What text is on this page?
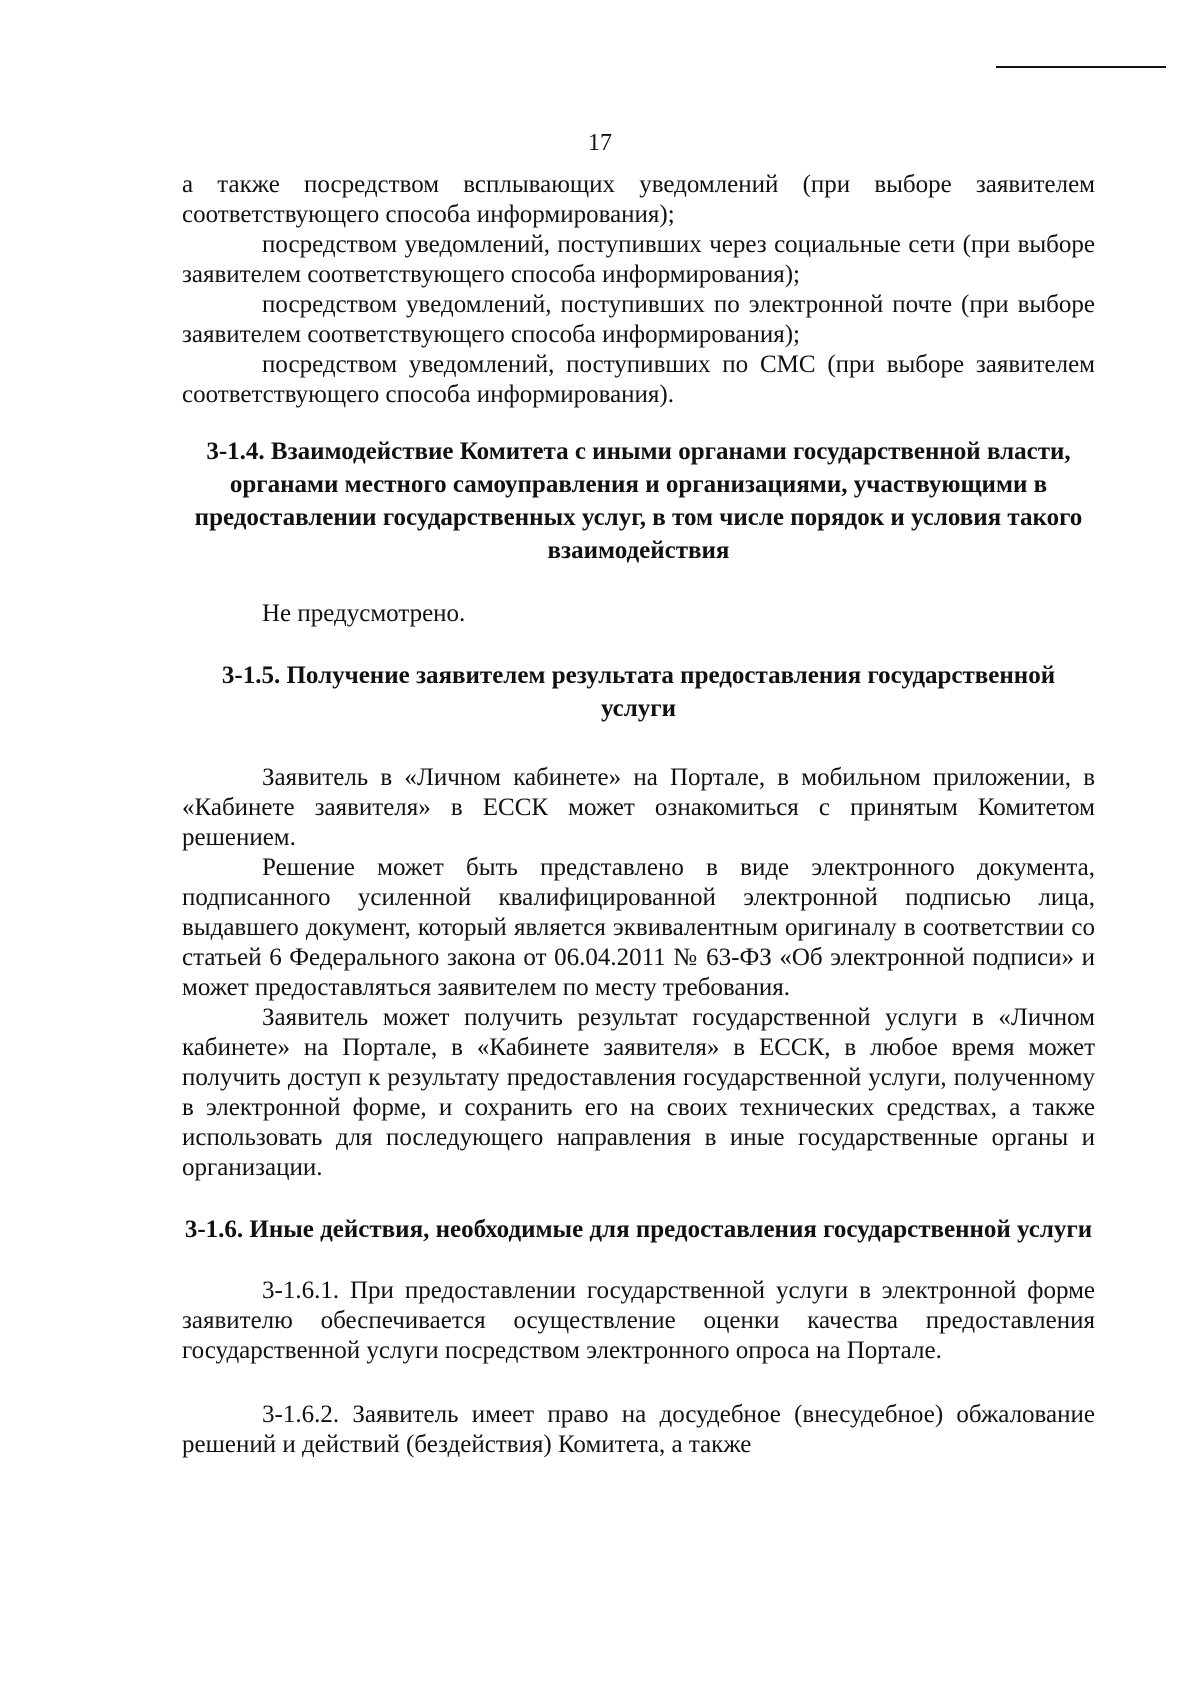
17

а также посредством всплывающих уведомлений (при выборе заявителем соответствующего способа информирования);

посредством уведомлений, поступивших через социальные сети (при выборе заявителем соответствующего способа информирования);

посредством уведомлений, поступивших по электронной почте (при выборе заявителем соответствующего способа информирования);

посредством уведомлений, поступивших по СМС (при выборе заявителем соответствующего способа информирования).

3-1.4. Взаимодействие Комитета с иными органами государственной власти, органами местного самоуправления и организациями, участвующими в предоставлении государственных услуг, в том числе порядок и условия такого взаимодействия

Не предусмотрено.

3-1.5. Получение заявителем результата предоставления государственной услуги

Заявитель в «Личном кабинете» на Портале, в мобильном приложении, в «Кабинете заявителя» в ЕССК может ознакомиться с принятым Комитетом решением.

Решение может быть представлено в виде электронного документа, подписанного усиленной квалифицированной электронной подписью лица, выдавшего документ, который является эквивалентным оригиналу в соответствии со статьей 6 Федерального закона от 06.04.2011 № 63-ФЗ «Об электронной подписи» и может предоставляться заявителем по месту требования.

Заявитель может получить результат государственной услуги в «Личном кабинете» на Портале, в «Кабинете заявителя» в ЕССК, в любое время может получить доступ к результату предоставления государственной услуги, полученному в электронной форме, и сохранить его на своих технических средствах, а также использовать для последующего направления в иные государственные органы и организации.

3-1.6. Иные действия, необходимые для предоставления государственной услуги

3-1.6.1. При предоставлении государственной услуги в электронной форме заявителю обеспечивается осуществление оценки качества предоставления государственной услуги посредством электронного опроса на Портале.

3-1.6.2. Заявитель имеет право на досудебное (внесудебное) обжалование решений и действий (бездействия) Комитета, а также
